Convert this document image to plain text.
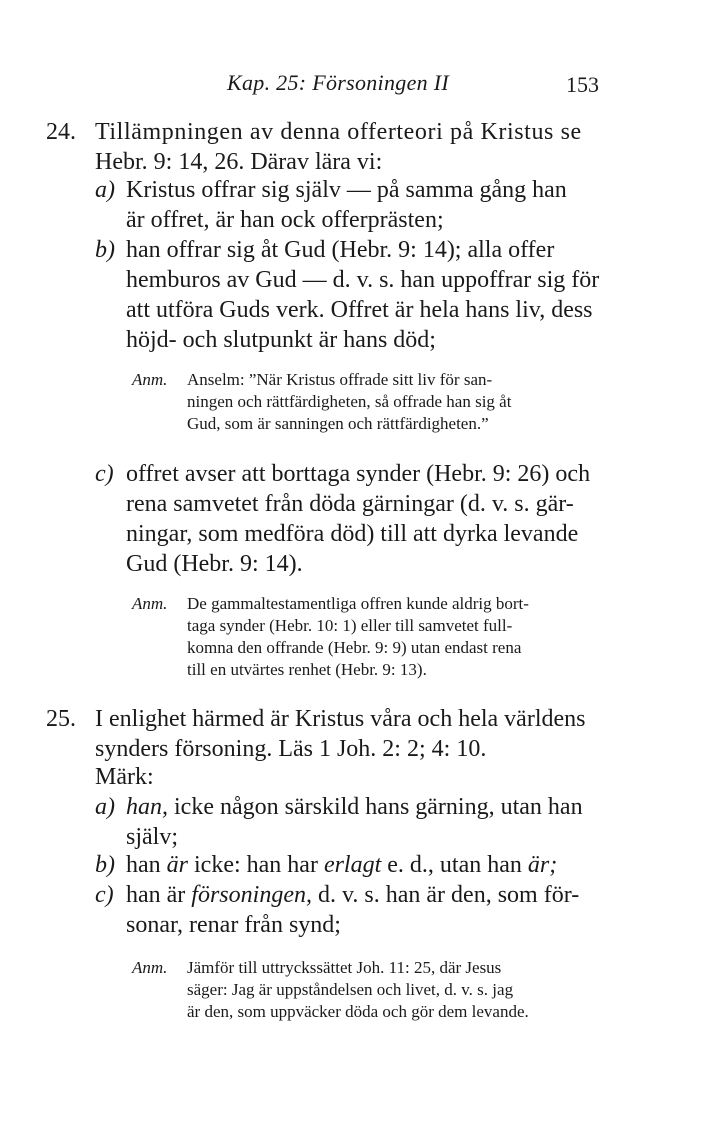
Kap. 25: Försoningen II	153
24. Tillämpningen av denna offerteori på Kristus se
Hebr. 9: 14, 26. Därav lära vi:
a) Kristus offrar sig själv — på samma gång han
är offret, är han ock offerprästen;
b) han offrar sig åt Gud (Hebr. 9: 14); alla offer
hemburos av Gud — d. v. s. han uppoffrar sig för
att utföra Guds verk. Offret är hela hans liv, dess
höjd- och slutpunkt är hans död;
Anm. Anselm: ”När Kristus offrade sitt liv för san-
ningen och rättfärdigheten, så offrade han sig åt
Gud, som är sanningen och rättfärdigheten.”
c) offret avser att borttaga synder (Hebr. 9: 26) och
rena samvetet från döda gärningar (d. v. s. gär-
ningar, som medföra död) till att dyrka levande
Gud (Hebr. 9: 14).
Anm. De gammaltestamentliga offren kunde aldrig bort-
taga synder (Hebr. 10: 1) eller till samvetet full-
komna den offrande (Hebr. 9: 9) utan endast rena
till en utvärtes renhet (Hebr. 9: 13).
25. I enlighet härmed är Kristus våra och hela världens
synders försoning. Läs 1 Joh. 2: 2; 4: 10.
Märk:
a) han, icke någon särskild hans gärning, utan han
själv;
b) han är icke: han har erlagt e. d., utan han är;
c) han är försoningen, d. v. s. han är den, som för-
sonar, renar från synd;
Anm. Jämför till uttryckssättet Joh. 11: 25, där Jesus
säger: Jag är uppståndelsen och livet, d. v. s. jag
är den, som uppväcker döda och gör dem levande.
